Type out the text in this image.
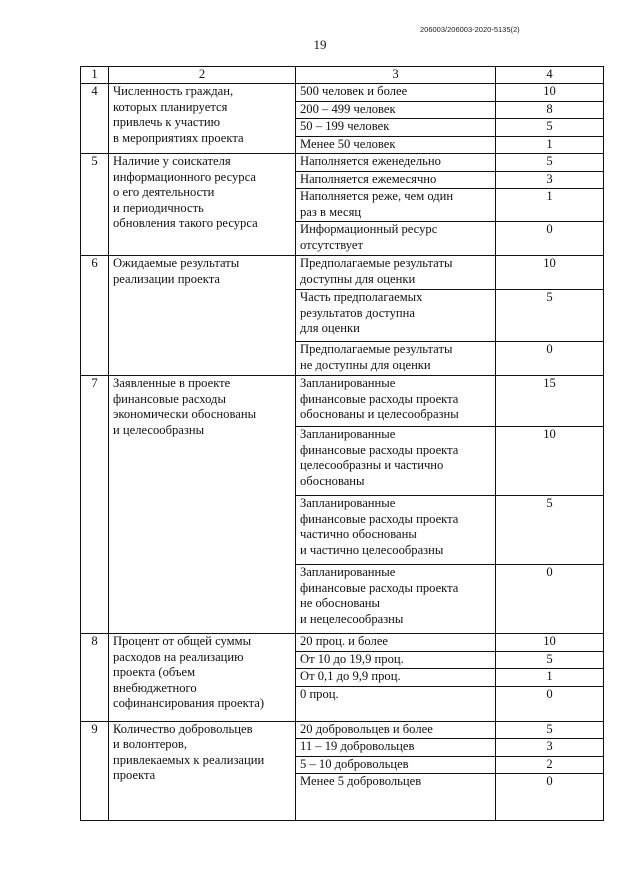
206003/206003-2020-5135(2)
19
1	2	3	4
4	Численность граждан,
которых планируется
привлечь к участию
в мероприятиях проекта	500 человек и более	10
		200 – 499 человек	8
		50 – 199 человек	5
		Менее 50 человек	1
5	Наличие у соискателя
информационного ресурса
о его деятельности
и периодичность
обновления такого ресурса	Наполняется еженедельно	5
		Наполняется ежемесячно	3
		Наполняется реже, чем один
раз в месяц	1
		Информационный ресурс
отсутствует	0
6	Ожидаемые результаты
реализации проекта	Предполагаемые результаты
доступны для оценки	10
		Часть предполагаемых
результатов доступна
для оценки	5
		Предполагаемые результаты
не доступны для оценки	0
7	Заявленные в проекте
финансовые расходы
экономически обоснованы
и целесообразны	Запланированные
финансовые расходы проекта
обоснованы и целесообразны	15
		Запланированные
финансовые расходы проекта
целесообразны и частично
обоснованы	10
		Запланированные
финансовые расходы проекта
частично обоснованы
и частично целесообразны	5
		Запланированные
финансовые расходы проекта
не обоснованы
и нецелесообразны	0
8	Процент от общей суммы
расходов на реализацию
проекта (объем
внебюджетного
софинансирования проекта)	20 проц. и более	10
		От 10 до 19,9 проц.	5
		От 0,1 до 9,9 проц.	1
		0 проц.	0
9	Количество добровольцев
и волонтеров,
привлекаемых к реализации
проекта	20 добровольцев и более	5
		11 – 19 добровольцев	3
		5 – 10 добровольцев	2
		Менее 5 добровольцев	0
